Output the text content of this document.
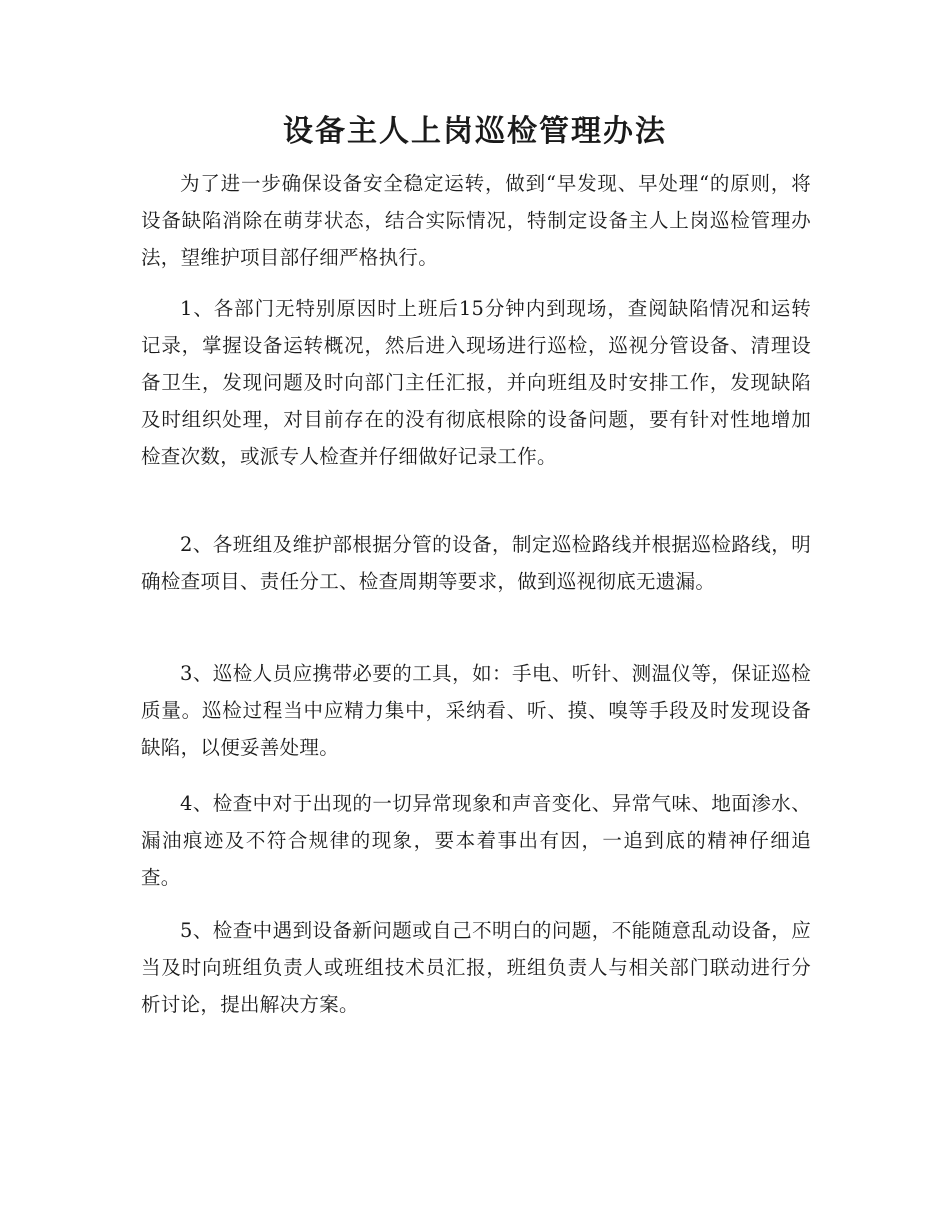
设备主人上岗巡检管理办法

为了进一步确保设备安全稳定运转，做到“早发现、早处理“的原则，将设备缺陷消除在萌芽状态，结合实际情况，特制定设备主人上岗巡检管理办法，望维护项目部仔细严格执行。

1、各部门无特别原因时上班后15分钟内到现场，查阅缺陷情况和运转记录，掌握设备运转概况，然后进入现场进行巡检，巡视分管设备、清理设备卫生，发现问题及时向部门主任汇报，并向班组及时安排工作，发现缺陷及时组织处理，对目前存在的没有彻底根除的设备问题，要有针对性地增加检查次数，或派专人检查并仔细做好记录工作。

2、各班组及维护部根据分管的设备，制定巡检路线并根据巡检路线，明确检查项目、责任分工、检查周期等要求，做到巡视彻底无遗漏。

3、巡检人员应携带必要的工具，如：手电、听针、测温仪等，保证巡检质量。巡检过程当中应精力集中，采纳看、听、摸、嗅等手段及时发现设备缺陷，以便妥善处理。

4、检查中对于出现的一切异常现象和声音变化、异常气味、地面渗水、漏油痕迹及不符合规律的现象，要本着事出有因，一追到底的精神仔细追查。

5、检查中遇到设备新问题或自己不明白的问题，不能随意乱动设备，应当及时向班组负责人或班组技术员汇报，班组负责人与相关部门联动进行分析讨论，提出解决方案。
